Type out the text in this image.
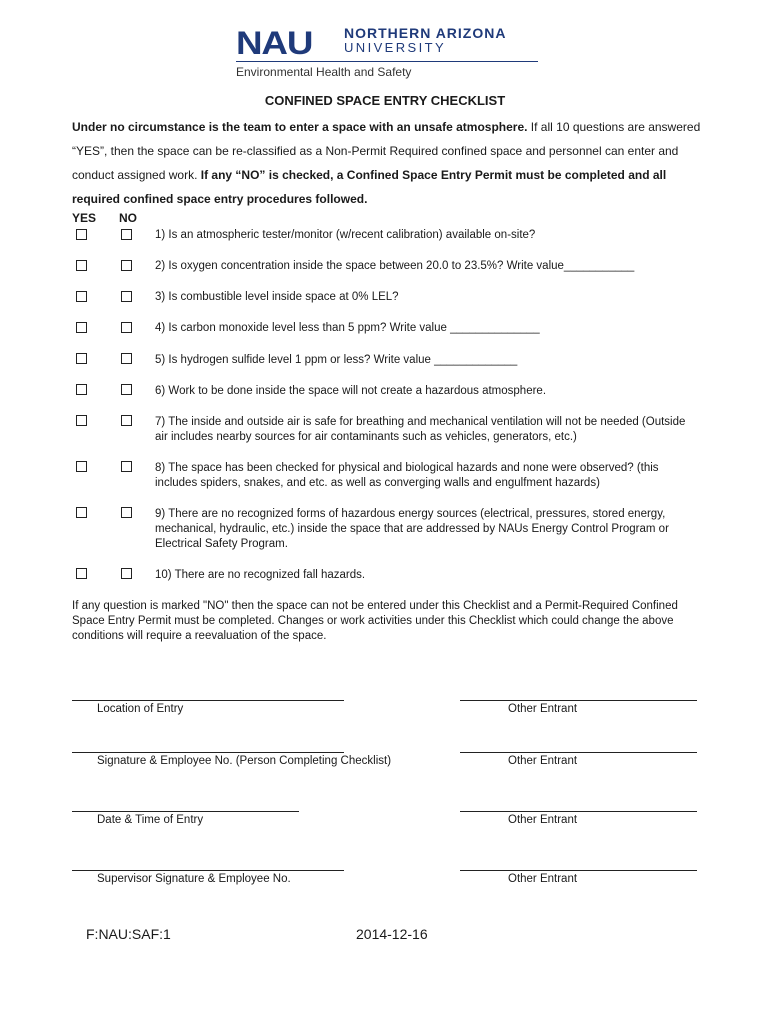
NAU NORTHERN ARIZONA
UNIVERSITY
Environmental Health and Safety
CONFINED SPACE ENTRY CHECKLIST
Under no circumstance is the team to enter a space with an unsafe atmosphere. If all 10 questions are answered “YES”, then the space can be re-classified as a Non-Permit Required confined space and personnel can enter and conduct assigned work. If any “NO” is checked, a Confined Space Entry Permit must be completed and all required confined space entry procedures followed.
YES NO
1) Is an atmospheric tester/monitor (w/recent calibration) available on-site?
2) Is oxygen concentration inside the space between 20.0 to 23.5%? Write value___________
3) Is combustible level inside space at 0% LEL?
4) Is carbon monoxide level less than 5 ppm? Write value ______________
5) Is hydrogen sulfide level 1 ppm or less? Write value _____________
6) Work to be done inside the space will not create a hazardous atmosphere.
7) The inside and outside air is safe for breathing and mechanical ventilation will not be needed (Outside air includes nearby sources for air contaminants such as vehicles, generators, etc.)
8) The space has been checked for physical and biological hazards and none were observed? (this includes spiders, snakes, and etc. as well as converging walls and engulfment hazards)
9) There are no recognized forms of hazardous energy sources (electrical, pressures, stored energy, mechanical, hydraulic, etc.) inside the space that are addressed by NAUs Energy Control Program or Electrical Safety Program.
10) There are no recognized fall hazards.
If any question is marked "NO" then the space can not be entered under this Checklist and a Permit-Required Confined Space Entry Permit must be completed. Changes or work activities under this Checklist which could change the above conditions will require a reevaluation of the space.
Location of Entry	Other Entrant
Signature & Employee No. (Person Completing Checklist)	Other Entrant
Date & Time of Entry	Other Entrant
Supervisor Signature & Employee No.	Other Entrant
F:NAU:SAF:1	2014-12-16
